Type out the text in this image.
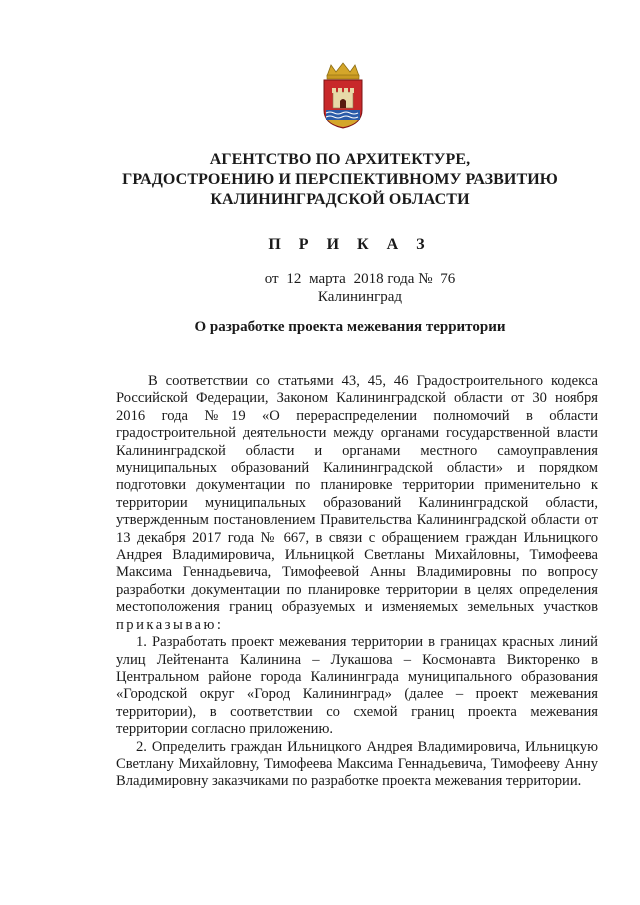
АГЕНТСТВО ПО АРХИТЕКТУРЕ,
ГРАДОСТРОЕНИЮ И ПЕРСПЕКТИВНОМУ РАЗВИТИЮ
КАЛИНИНГРАДСКОЙ ОБЛАСТИ
П Р И К А З
от 12 марта 2018 года № 76
Калининград
О разработке проекта межевания территории

В соответствии со статьями 43, 45, 46 Градостроительного кодекса Российской Федерации, Законом Калининградской области от 30 ноября 2016 года №19 «О перераспределении полномочий в области градостроительной деятельности между органами государственной власти Калининградской области и органами местного самоуправления муниципальных образований Калининградской области» и порядком подготовки документации по планировке территории применительно к территории муниципальных образований Калининградской области, утвержденным постановлением Правительства Калининградской области от 13 декабря 2017 года № 667, в связи с обращением граждан Ильницкого Андрея Владимировича, Ильницкой Светланы Михайловны, Тимофеева Максима Геннадьевича, Тимофеевой Анны Владимировны по вопросу разработки документации по планировке территории в целях определения местоположения границ образуемых и изменяемых земельных участков приказываю:

1. Разработать проект межевания территории в границах красных линий улиц Лейтенанта Калинина – Лукашова – Космонавта Викторенко в Центральном районе города Калининграда муниципального образования «Городской округ «Город Калининград» (далее – проект межевания территории), в соответствии со схемой границ проекта межевания территории согласно приложению.

2. Определить граждан Ильницкого Андрея Владимировича, Ильницкую Светлану Михайловну, Тимофеева Максима Геннадьевича, Тимофееву Анну Владимировну заказчиками по разработке проекта межевания территории.
